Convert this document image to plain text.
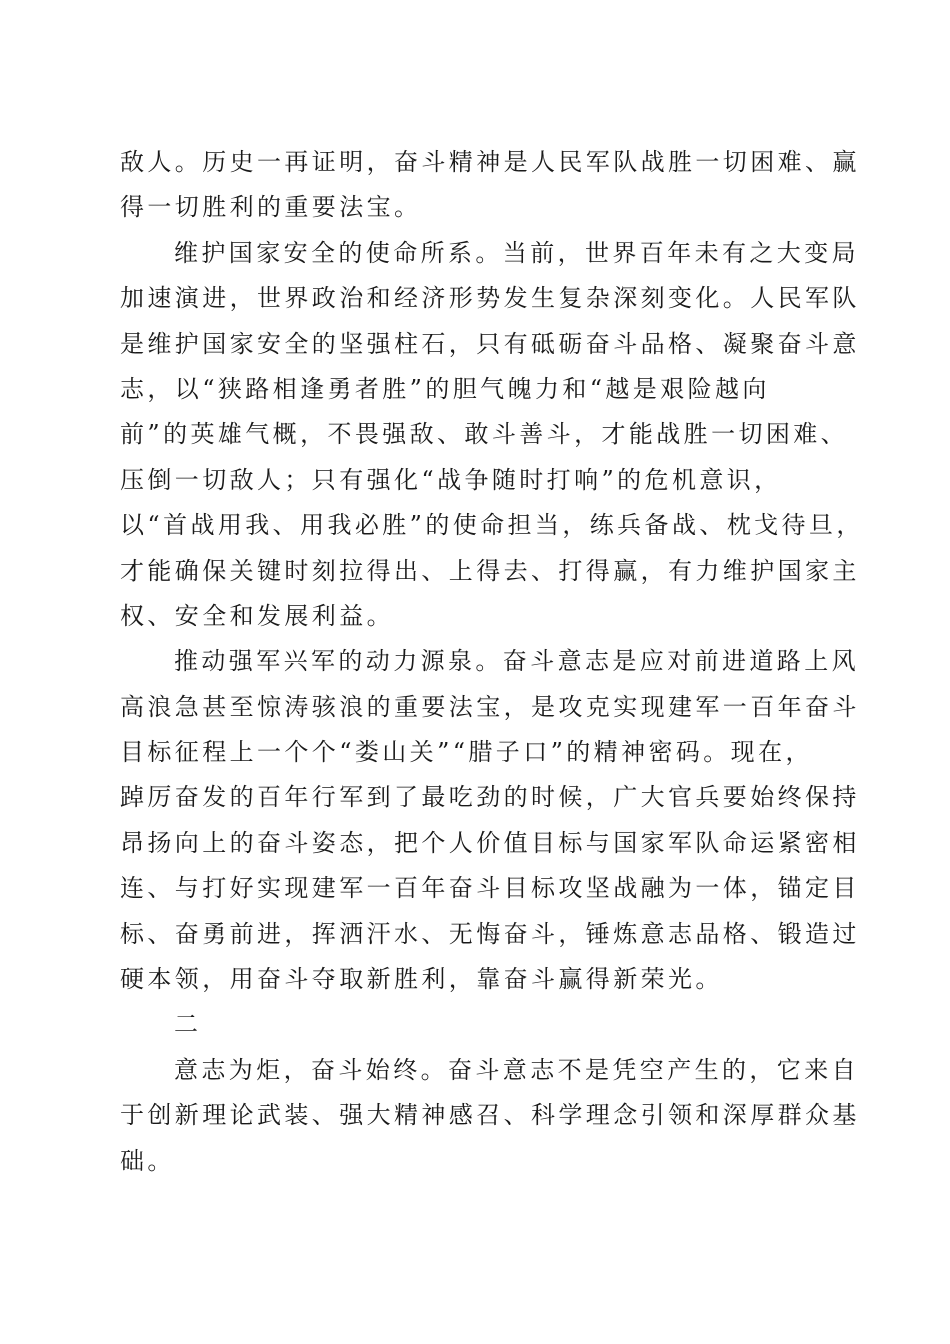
敌人。历史一再证明，奋斗精神是人民军队战胜一切困难、赢
得一切胜利的重要法宝。
维护国家安全的使命所系。当前，世界百年未有之大变局
加速演进，世界政治和经济形势发生复杂深刻变化。人民军队
是维护国家安全的坚强柱石，只有砥砺奋斗品格、凝聚奋斗意
志，以“狭路相逢勇者胜”的胆气魄力和“越是艰险越向
前”的英雄气概，不畏强敌、敢斗善斗，才能战胜一切困难、
压倒一切敌人；只有强化“战争随时打响”的危机意识，
以“首战用我、用我必胜”的使命担当，练兵备战、枕戈待旦，
才能确保关键时刻拉得出、上得去、打得赢，有力维护国家主
权、安全和发展利益。
推动强军兴军的动力源泉。奋斗意志是应对前进道路上风
高浪急甚至惊涛骇浪的重要法宝，是攻克实现建军一百年奋斗
目标征程上一个个“娄山关”“腊子口”的精神密码。现在，
踔厉奋发的百年行军到了最吃劲的时候，广大官兵要始终保持
昂扬向上的奋斗姿态，把个人价值目标与国家军队命运紧密相
连、与打好实现建军一百年奋斗目标攻坚战融为一体，锚定目
标、奋勇前进，挥洒汗水、无悔奋斗，锤炼意志品格、锻造过
硬本领，用奋斗夺取新胜利，靠奋斗赢得新荣光。
二
意志为炬，奋斗始终。奋斗意志不是凭空产生的，它来自
于创新理论武装、强大精神感召、科学理念引领和深厚群众基
础。
